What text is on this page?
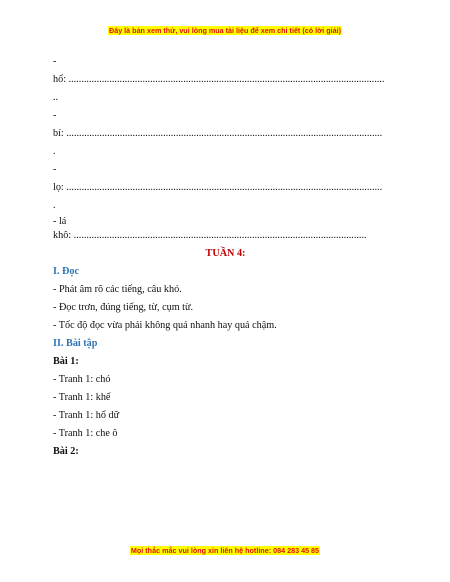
Đây là bản xem thử, vui lòng mua tài liệu để xem chi tiết (có lời giải)
-
hổ: ............................................................................................................................
..
-
bí: ............................................................................................................................
.
-
lọ: ............................................................................................................................
.
- lá
khô: ...................................................................................................................
TUẦN 4:
I. Đọc
- Phát âm rõ các tiếng, câu khó.
- Đọc trơn, đúng tiếng, từ, cụm từ.
- Tốc độ đọc vừa phải không quá nhanh hay quá chậm.
II. Bài tập
Bài 1:
- Tranh 1: chó
- Tranh 1: khế
- Tranh 1: hổ dữ
- Tranh 1: che ô
Bài 2:
Mọi thắc mắc vui lòng xin liên hệ hotline: 084 283 45 85
